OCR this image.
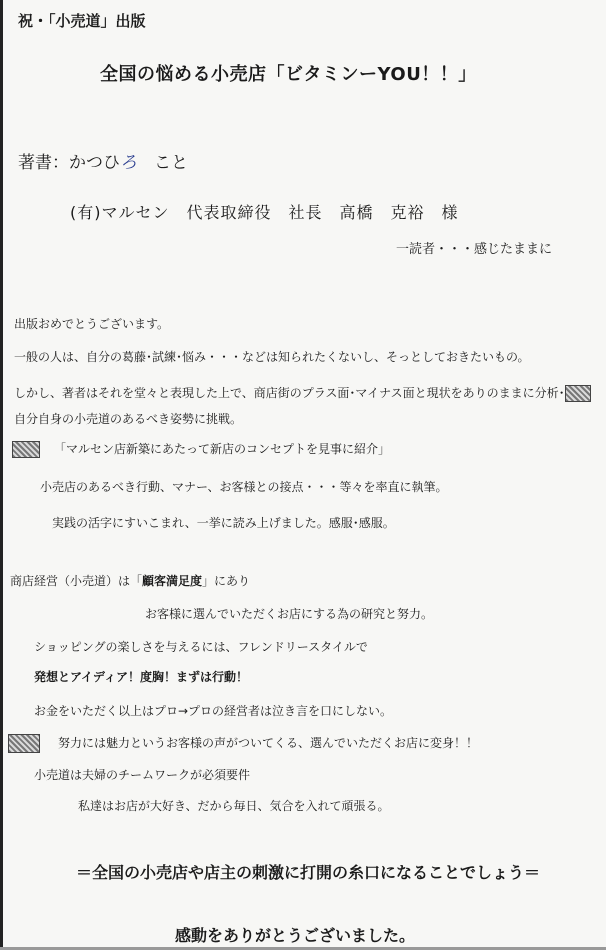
祝・「小売道」出版
全国の悩める小売店「ビタミンーYOU！！」
著書：かつひろ　 こと
(有)マルセン　代表取締役　社長　高橋　克裕　様
一読者・・・感じたままに
出版おめでとうございます。
一般の人は、自分の葛藤･試練･悩み・・・などは知られたくないし、そっとしておきたいもの。
しかし、著者はそれを堂々と表現した上で、商店街のプラス面･マイナス面と現状をありのままに分析･
自分自身の小売道のあるべき姿勢に挑戦。
「マルセン店新築にあたって新店のコンセプトを見事に紹介」
小売店のあるべき行動、マナー、お客様との接点・・・等々を率直に執筆。
実践の活字にすいこまれ、一挙に読み上げました。感服･感服。
商店経営（小売道）は「顧客満足度」にあり
お客様に選んでいただくお店にする為の研究と努力。
ショッピングの楽しさを与えるには、フレンドリースタイルで
発想とアイディア！度胸！まずは行動！
お金をいただく以上はプロ→プロの経営者は泣き言を口にしない。
　努力には魅力というお客様の声がついてくる、選んでいただくお店に変身！！
小売道は夫婦のチームワークが必須要件
私達はお店が大好き、だから毎日、気合を入れて頑張る。
＝全国の小売店や店主の刺激に打開の糸口になることでしょう＝
感動をありがとうございました。
